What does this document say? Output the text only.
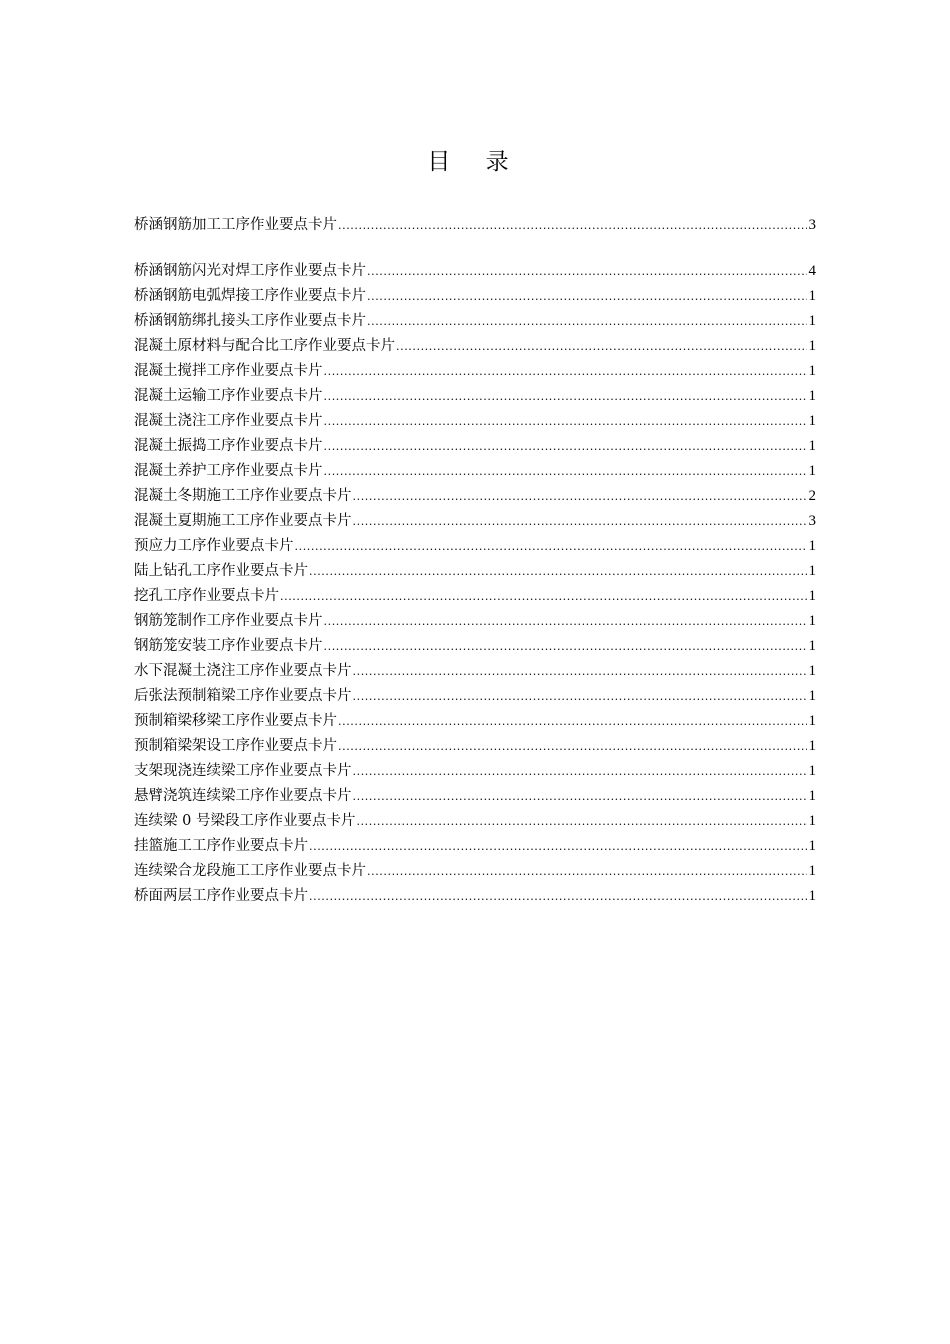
目 录
桥涵钢筋加工工序作业要点卡片 .....	3
桥涵钢筋闪光对焊工序作业要点卡片 .....	4
桥涵钢筋电弧焊接工序作业要点卡片 .....	1
桥涵钢筋绑扎接头工序作业要点卡片 .....	1
混凝土原材料与配合比工序作业要点卡片 .....	1
混凝土搅拌工序作业要点卡片 .....	1
混凝土运输工序作业要点卡片 .....	1
混凝土浇注工序作业要点卡片 .....	1
混凝土振捣工序作业要点卡片 .....	1
混凝土养护工序作业要点卡片 .....	1
混凝土冬期施工工序作业要点卡片 .....	2
混凝土夏期施工工序作业要点卡片 .....	3
预应力工序作业要点卡片 .....	1
陆上钻孔工序作业要点卡片 .....	1
挖孔工序作业要点卡片 .....	1
钢筋笼制作工序作业要点卡片 .....	1
钢筋笼安装工序作业要点卡片 .....	1
水下混凝土浇注工序作业要点卡片 .....	1
后张法预制箱梁工序作业要点卡片 .....	1
预制箱梁移梁工序作业要点卡片 .....	1
预制箱梁架设工序作业要点卡片 .....	1
支架现浇连续梁工序作业要点卡片 .....	1
悬臂浇筑连续梁工序作业要点卡片 .....	1
连续梁 0 号梁段工序作业要点卡片 .....	1
挂篮施工工序作业要点卡片 .....	1
连续梁合龙段施工工序作业要点卡片 .....	1
桥面两层工序作业要点卡片 .....	1
